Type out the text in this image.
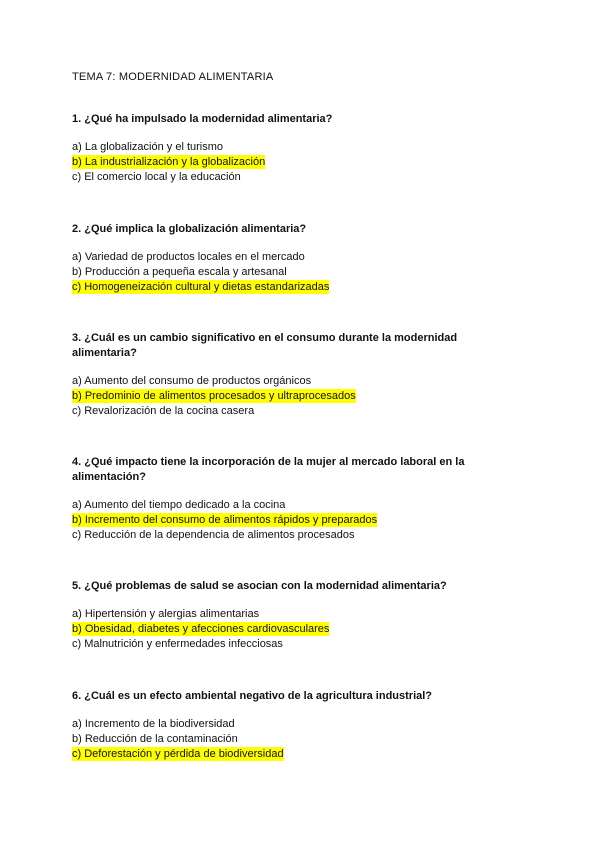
TEMA 7: MODERNIDAD ALIMENTARIA
1. ¿Qué ha impulsado la modernidad alimentaria?
a) La globalización y el turismo
b) La industrialización y la globalización
c) El comercio local y la educación
2. ¿Qué implica la globalización alimentaria?
a) Variedad de productos locales en el mercado
b) Producción a pequeña escala y artesanal
c) Homogeneización cultural y dietas estandarizadas
3. ¿Cuál es un cambio significativo en el consumo durante la modernidad alimentaria?
a) Aumento del consumo de productos orgánicos
b) Predominio de alimentos procesados y ultraprocesados
c) Revalorización de la cocina casera
4. ¿Qué impacto tiene la incorporación de la mujer al mercado laboral en la alimentación?
a) Aumento del tiempo dedicado a la cocina
b) Incremento del consumo de alimentos rápidos y preparados
c) Reducción de la dependencia de alimentos procesados
5. ¿Qué problemas de salud se asocian con la modernidad alimentaria?
a) Hipertensión y alergias alimentarias
b) Obesidad, diabetes y afecciones cardiovasculares
c) Malnutrición y enfermedades infecciosas
6. ¿Cuál es un efecto ambiental negativo de la agricultura industrial?
a) Incremento de la biodiversidad
b) Reducción de la contaminación
c) Deforestación y pérdida de biodiversidad
